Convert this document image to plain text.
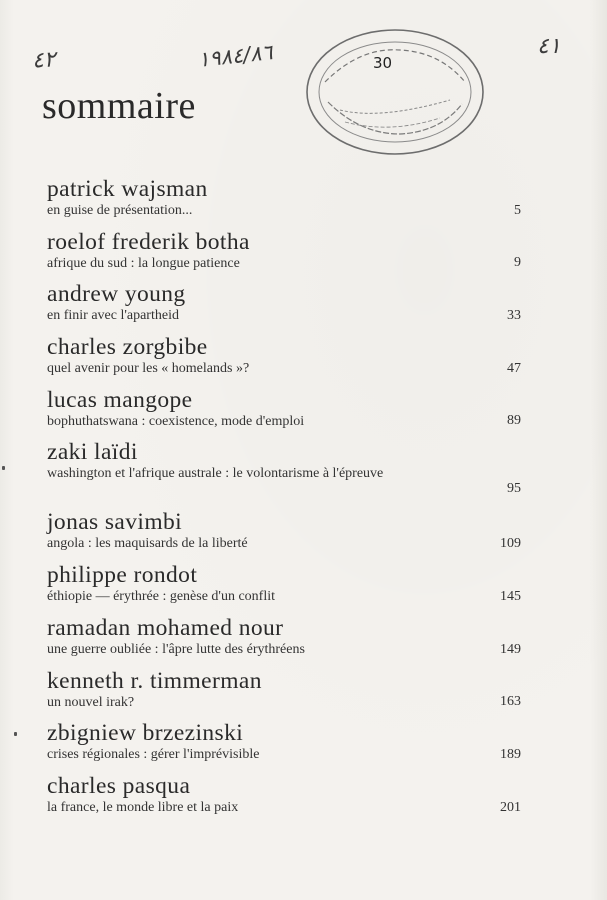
٤٢	١٩٨٤/٨٦	٤١
30
sommaire
patrick wajsman
en guise de présentation...	5
roelof frederik botha
afrique du sud : la longue patience	9
andrew young
en finir avec l'apartheid	33
charles zorgbibe
quel avenir pour les « homelands »?	47
lucas mangope
bophuthatswana : coexistence, mode d'emploi	89
zaki laïdi
washington et l'afrique australe : le volontarisme à l'épreuve
95
jonas savimbi
angola : les maquisards de la liberté	109
philippe rondot
éthiopie — érythrée : genèse d'un conflit	145
ramadan mohamed nour
une guerre oubliée : l'âpre lutte des érythréens	149
kenneth r. timmerman
un nouvel irak?	163
zbigniew brzezinski
crises régionales : gérer l'imprévisible	189
charles pasqua
la france, le monde libre et la paix	201
